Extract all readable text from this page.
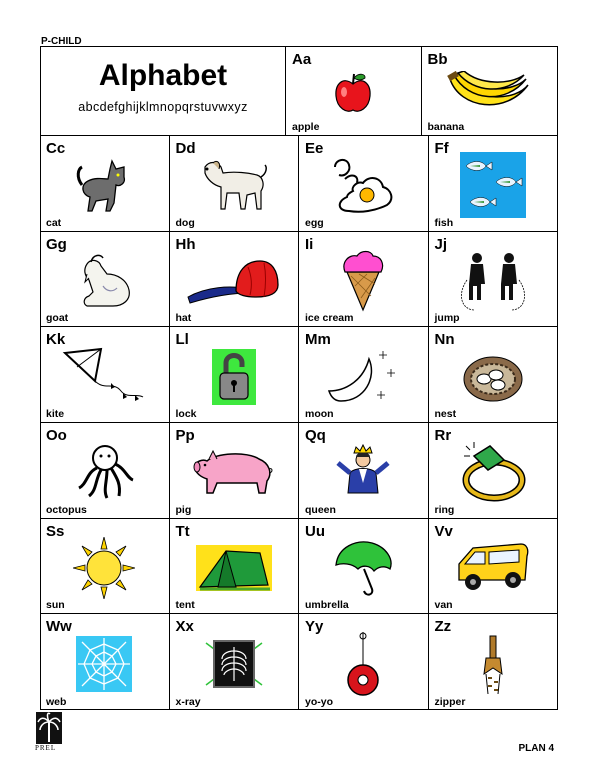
P-CHILD
Alphabet
abcdefghijklmnopqrstuvwxyz
Aa
apple
Bb
banana
Cc
cat
Dd
dog
Ee
egg
Ff
fish
Gg
goat
Hh
hat
Ii
ice cream
Jj
jump
Kk
kite
Ll
lock
Mm
moon
Nn
nest
Oo
octopus
Pp
pig
Qq
queen
Rr
ring
Ss
sun
Tt
tent
Uu
umbrella
Vv
van
Ww
web
Xx
x-ray
Yy
yo-yo
Zz
zipper
PREL	PLAN 4
